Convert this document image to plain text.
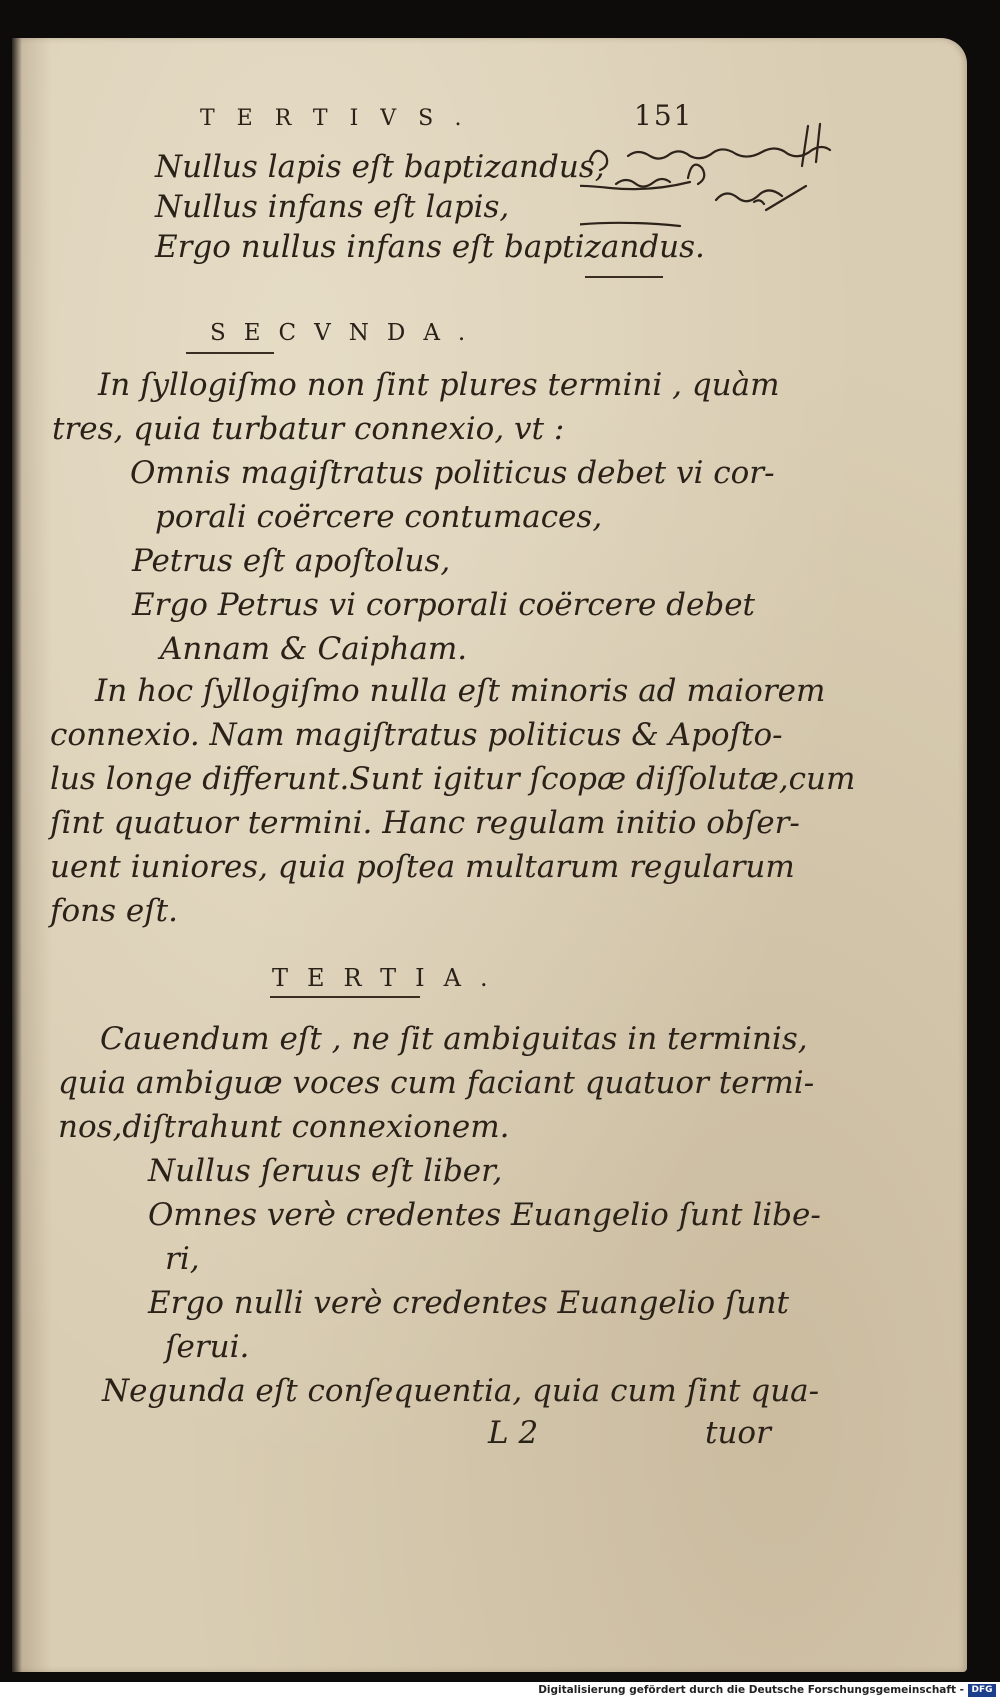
TERTIVS.	151

Nullus lapis eſt baptizandus,

Nullus infans eſt lapis,

Ergo nullus infans eſt baptizandus.

SECVNDA.

In ſyllogiſmo non ſint plures termini , quàm

tres, quia turbatur connexio, vt :

Omnis magiſtratus politicus debet vi cor-

porali coërcere contumaces,

Petrus eſt apoſtolus,

Ergo Petrus vi corporali coërcere debet

Annam & Caipham.

In hoc ſyllogiſmo nulla eſt minoris ad maiorem

connexio. Nam magiſtratus politicus & Apoſto-

lus longe differunt.Sunt igitur ſcopæ diſſolutæ,cum

ſint quatuor termini. Hanc regulam initio obſer-

uent iuniores, quia poſtea multarum regularum

fons eſt.

TERTIA.

Cauendum eſt , ne ſit ambiguitas in terminis,

quia ambiguæ voces cum faciant quatuor termi-

nos,diſtrahunt connexionem.

Nullus ſeruus eſt liber,

Omnes verè credentes Euangelio ſunt libe-

ri,

Ergo nulli verè credentes Euangelio ſunt

ſerui.

Negunda eſt conſequentia, quia cum ſint qua-

L 2	tuor

Digitalisierung gefördert durch die Deutsche Forschungsgemeinschaft - DFG
